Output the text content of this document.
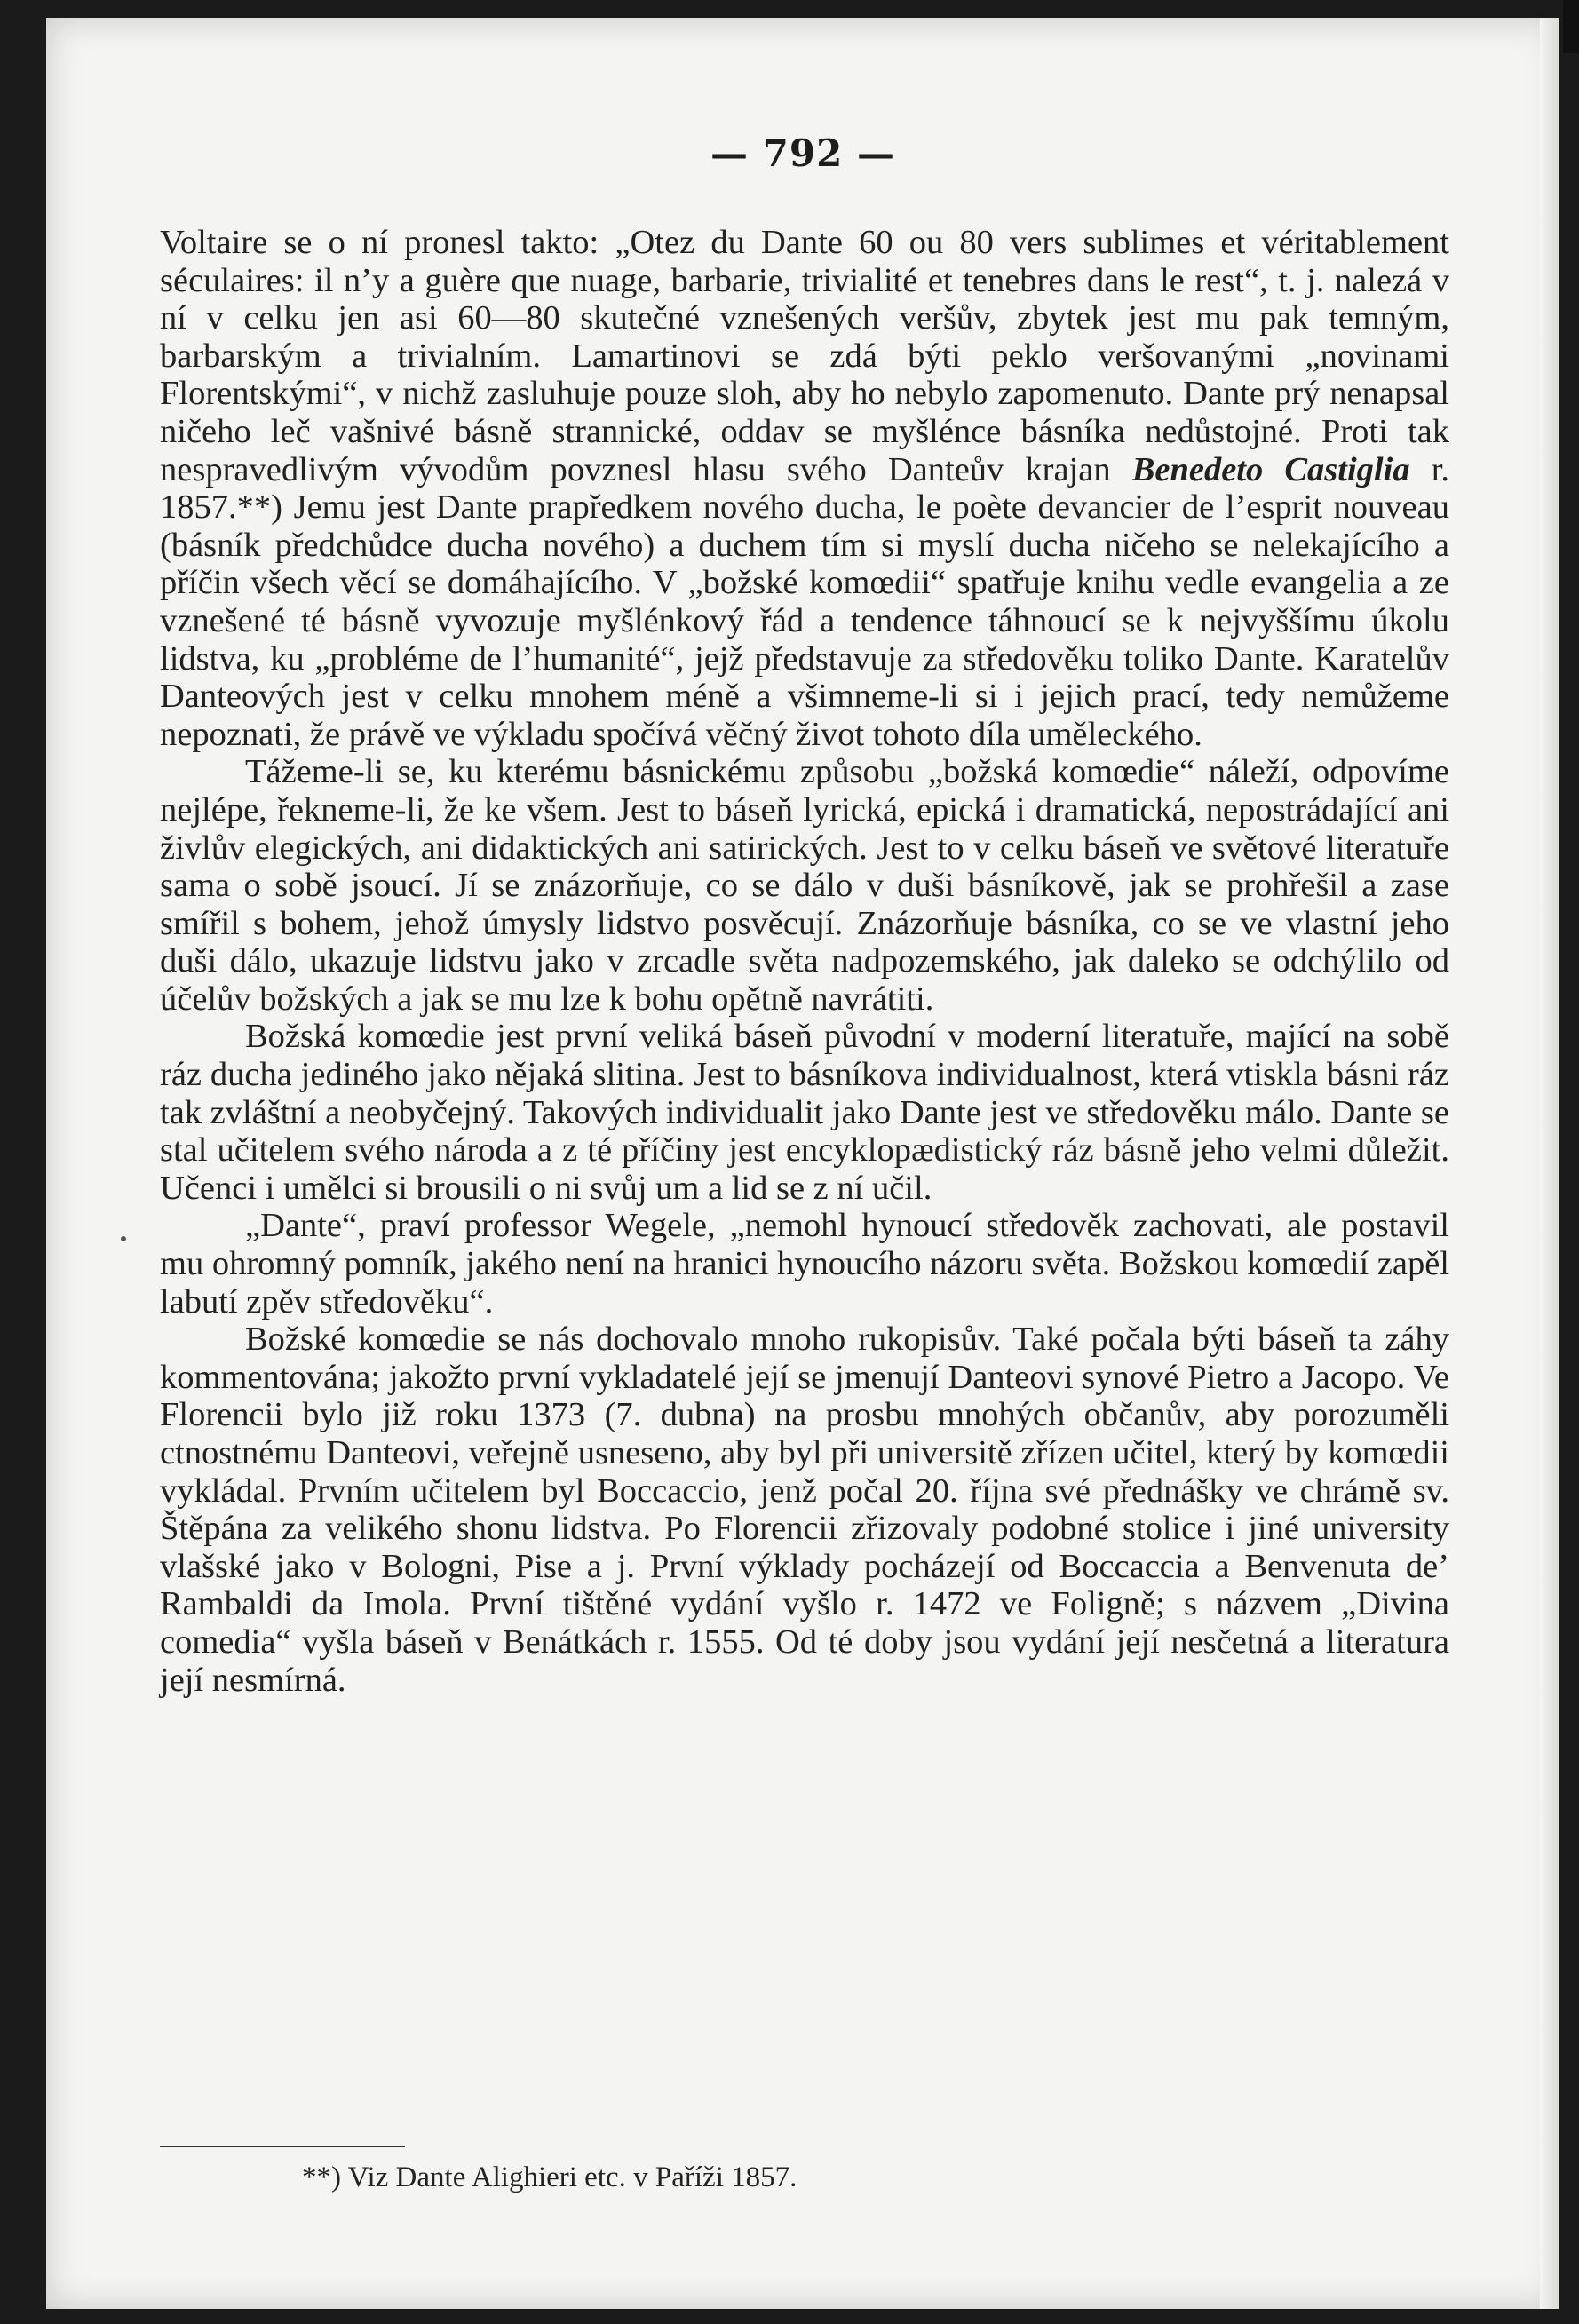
— 792 —

Voltaire se o ní pronesl takto: „Otez du Dante 60 ou 80 vers sublimes et véritablement séculaires: il n’y a guère que nuage, barbarie, trivialité et tenebres dans le rest“, t. j. nalezá v ní v celku jen asi 60—80 skutečné vznešených veršův, zbytek jest mu pak temným, barbarským a trivialním. Lamartinovi se zdá býti peklo veršovanými „novinami Florentskými“, v nichž zasluhuje pouze sloh, aby ho nebylo zapomenuto. Dante prý nenapsal ničeho leč vašnivé básně strannické, oddav se myšlénce básníka nedůstojné. Proti tak nespravedlivým vývodům povznesl hlasu svého Danteův krajan Benedeto Castiglia r. 1857.**) Jemu jest Dante prapředkem nového ducha, le poète devancier de l’esprit nouveau (básník předchůdce ducha nového) a duchem tím si myslí ducha ničeho se nelekajícího a příčin všech věcí se domáhajícího. V „božské komœdii“ spatřuje knihu vedle evangelia a ze vznešené té básně vyvozuje myšlénkový řád a tendence táhnoucí se k nejvyššímu úkolu lidstva, ku „probléme de l’humanité“, jejž představuje za středověku toliko Dante. Karatelův Danteových jest v celku mnohem méně a všimneme-li si i jejich prací, tedy nemůžeme nepoznati, že právě ve výkladu spočívá věčný život tohoto díla uměleckého.

Tážeme-li se, ku kterému básnickému způsobu „božská komœdie“ náleží, odpovíme nejlépe, řekneme-li, že ke všem. Jest to báseň lyrická, epická i dramatická, nepostrádající ani živlův elegických, ani didaktických ani satirických. Jest to v celku báseň ve světové literatuře sama o sobě jsoucí. Jí se znázorňuje, co se dálo v duši básníkově, jak se prohřešil a zase smířil s bohem, jehož úmysly lidstvo posvěcují. Znázorňuje básníka, co se ve vlastní jeho duši dálo, ukazuje lidstvu jako v zrcadle světa nadpozemského, jak daleko se odchýlilo od účelův božských a jak se mu lze k bohu opětně navrátiti.

Božská komœdie jest první veliká báseň původní v moderní literatuře, mající na sobě ráz ducha jediného jako nějaká slitina. Jest to básníkova individualnost, která vtiskla básni ráz tak zvláštní a neobyčejný. Takových individualit jako Dante jest ve středověku málo. Dante se stal učitelem svého národa a z té příčiny jest encyklopædistický ráz básně jeho velmi důležit. Učenci i umělci si brousili o ni svůj um a lid se z ní učil.

„Dante“, praví professor Wegele, „nemohl hynoucí středověk zachovati, ale postavil mu ohromný pomník, jakého není na hranici hynoucího názoru světa. Božskou komœdií zapěl labutí zpěv středověku“.

Božské komœdie se nás dochovalo mnoho rukopisův. Také počala býti báseň ta záhy kommentována; jakožto první vykladatelé její se jmenují Danteovi synové Pietro a Jacopo. Ve Florencii bylo již roku 1373 (7. dubna) na prosbu mnohých občanův, aby porozuměli ctnostnému Danteovi, veřejně usneseno, aby byl při universitě zřízen učitel, který by komœdii vykládal. Prvním učitelem byl Boccaccio, jenž počal 20. října své přednášky ve chrámě sv. Štěpána za velikého shonu lidstva. Po Florencii zřizovaly podobné stolice i jiné university vlašské jako v Bologni, Pise a j. První výklady pocházejí od Boccaccia a Benvenuta de’ Rambaldi da Imola. První tištěné vydání vyšlo r. 1472 ve Foligně; s názvem „Divina comedia“ vyšla báseň v Benátkách r. 1555. Od té doby jsou vydání její nesčetná a literatura její nesmírná.

**) Viz Dante Alighieri etc. v Paříži 1857.
